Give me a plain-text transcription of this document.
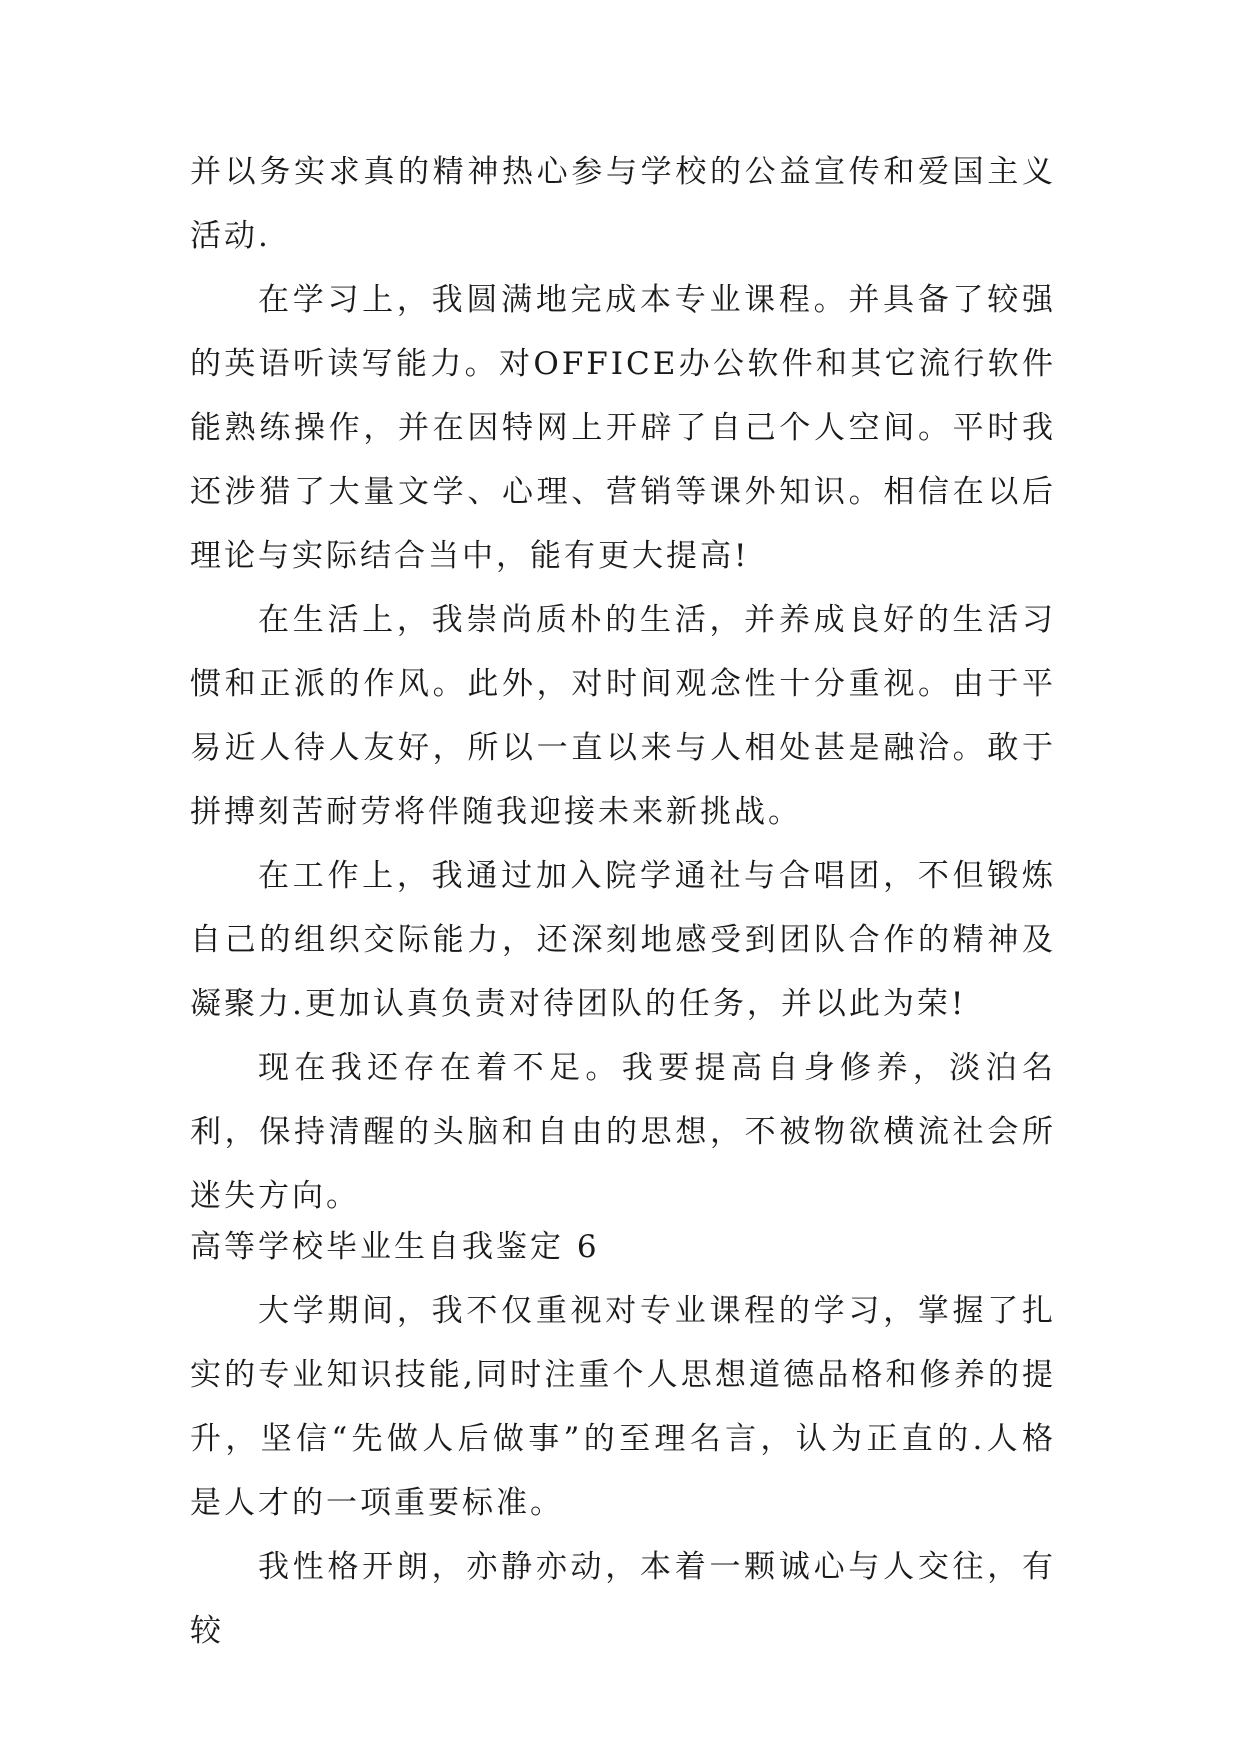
并以务实求真的精神热心参与学校的公益宣传和爱国主义活动.

在学习上，我圆满地完成本专业课程。并具备了较强的英语听读写能力。对OFFICE办公软件和其它流行软件能熟练操作，并在因特网上开辟了自己个人空间。平时我还涉猎了大量文学、心理、营销等课外知识。相信在以后理论与实际结合当中，能有更大提高!

在生活上，我崇尚质朴的生活，并养成良好的生活习惯和正派的作风。此外，对时间观念性十分重视。由于平易近人待人友好，所以一直以来与人相处甚是融洽。敢于拼搏刻苦耐劳将伴随我迎接未来新挑战。

在工作上，我通过加入院学通社与合唱团，不但锻炼自己的组织交际能力，还深刻地感受到团队合作的精神及凝聚力.更加认真负责对待团队的任务，并以此为荣!

现在我还存在着不足。我要提高自身修养，淡泊名利，保持清醒的头脑和自由的思想，不被物欲横流社会所迷失方向。

高等学校毕业生自我鉴定 6

大学期间，我不仅重视对专业课程的学习，掌握了扎实的专业知识技能,同时注重个人思想道德品格和修养的提升，坚信“先做人后做事”的至理名言，认为正直的.人格是人才的一项重要标准。

我性格开朗，亦静亦动，本着一颗诚心与人交往，有较
